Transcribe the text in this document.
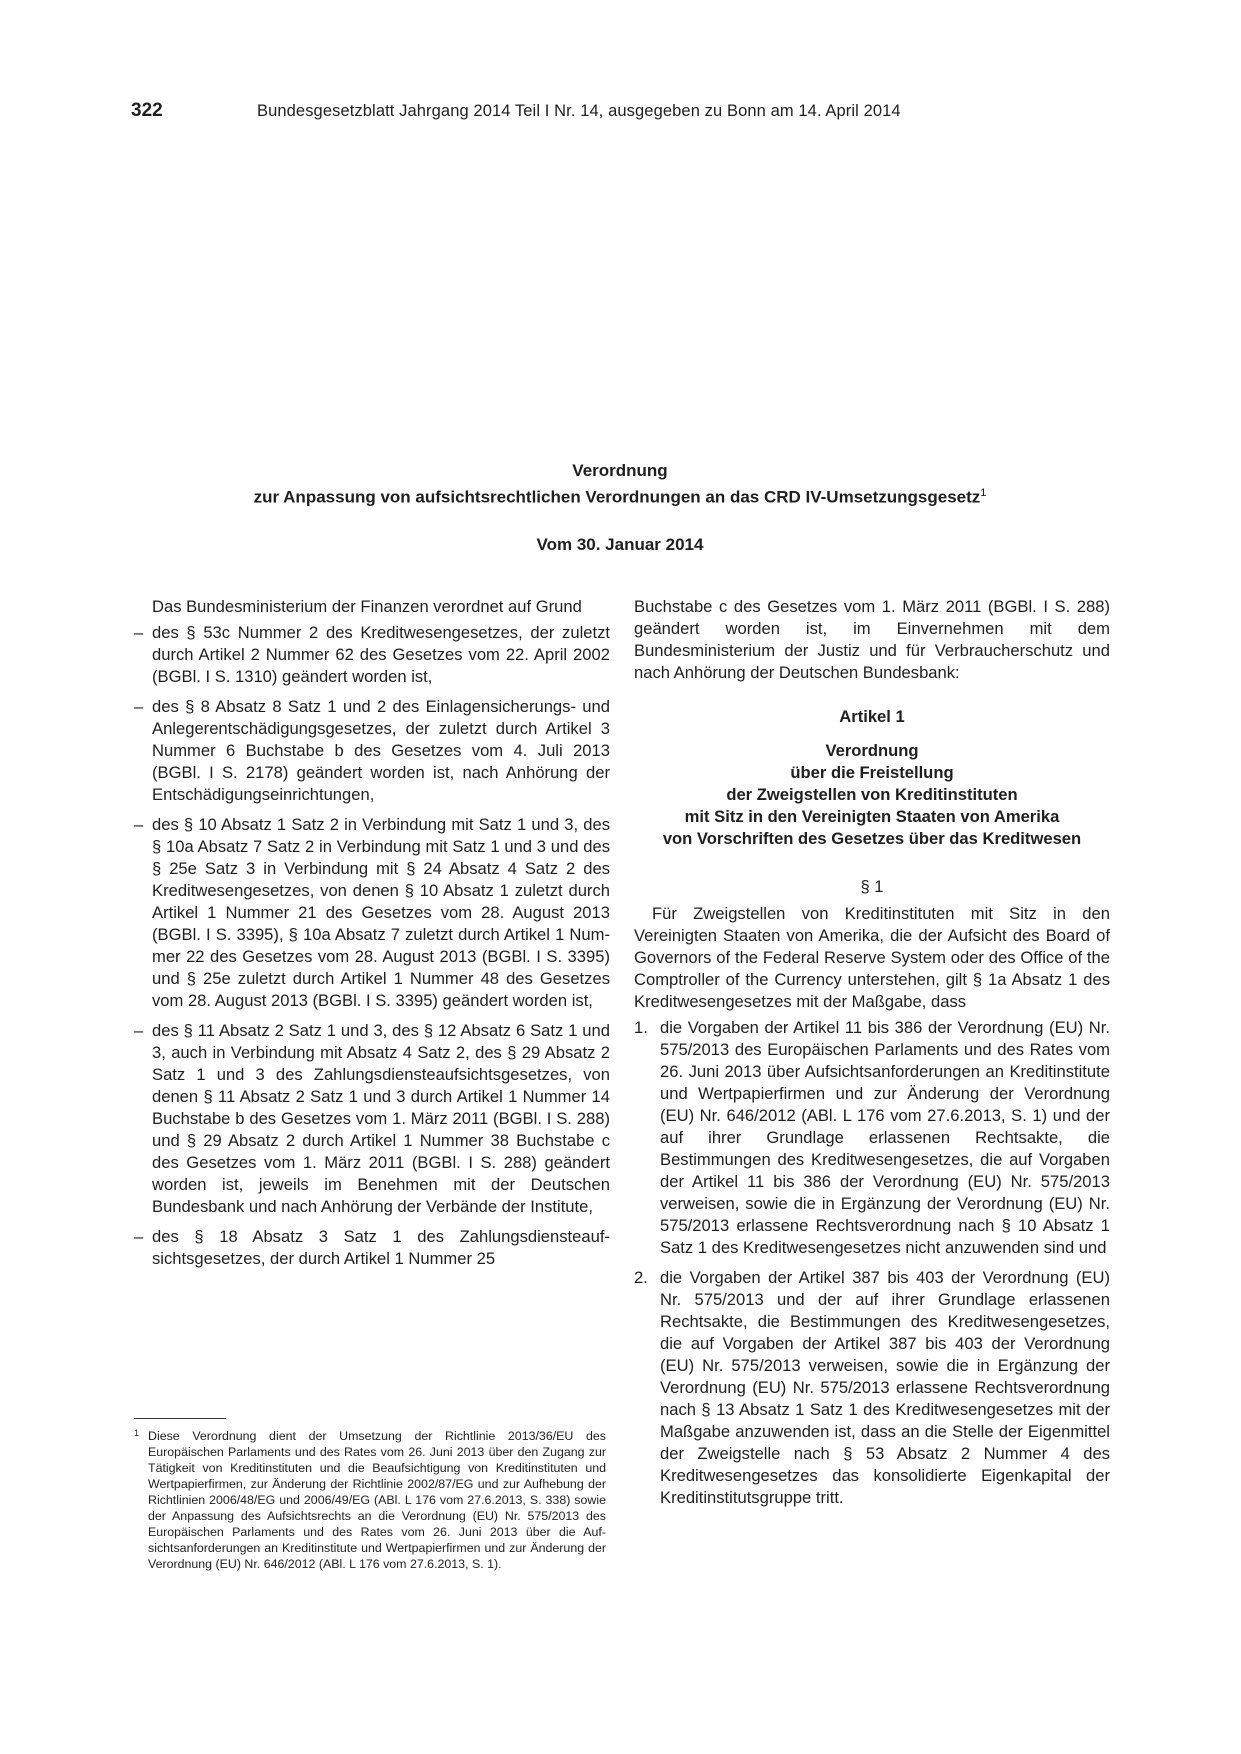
322	Bundesgesetzblatt Jahrgang 2014 Teil I Nr. 14, ausgegeben zu Bonn am 14. April 2014
Verordnung
zur Anpassung von aufsichtsrechtlichen Verordnungen an das CRD IV-Umsetzungsgesetz$^1$
Vom 30. Januar 2014

Das Bundesministerium der Finanzen verordnet auf Grund

– des § 53c Nummer 2 des Kreditwesengesetzes, der zuletzt durch Artikel 2 Nummer 62 des Gesetzes vom 22. April 2002 (BGBl. I S. 1310) geändert worden ist,
– des § 8 Absatz 8 Satz 1 und 2 des Einlagensicherungs- und Anlegerentschädigungsgesetzes, der zuletzt durch Artikel 3 Nummer 6 Buchstabe b des Gesetzes vom 4. Juli 2013 (BGBl. I S. 2178) geändert worden ist, nach Anhörung der Entschädigungseinrichtungen,
– des § 10 Absatz 1 Satz 2 in Verbindung mit Satz 1 und 3, des § 10a Absatz 7 Satz 2 in Verbindung mit Satz 1 und 3 und des § 25e Satz 3 in Verbindung mit § 24 Absatz 4 Satz 2 des Kreditwesengesetzes, von denen § 10 Absatz 1 zuletzt durch Artikel 1 Nummer 21 des Gesetzes vom 28. August 2013 (BGBl. I S. 3395), § 10a Absatz 7 zuletzt durch Artikel 1 Nummer 22 des Gesetzes vom 28. August 2013 (BGBl. I S. 3395) und § 25e zuletzt durch Artikel 1 Nummer 48 des Gesetzes vom 28. August 2013 (BGBl. I S. 3395) geändert worden ist,
– des § 11 Absatz 2 Satz 1 und 3, des § 12 Absatz 6 Satz 1 und 3, auch in Verbindung mit Absatz 4 Satz 2, des § 29 Absatz 2 Satz 1 und 3 des Zahlungsdiensteaufsichtsgesetzes, von denen § 11 Absatz 2 Satz 1 und 3 durch Artikel 1 Nummer 14 Buchstabe b des Gesetzes vom 1. März 2011 (BGBl. I S. 288) und § 29 Absatz 2 durch Artikel 1 Nummer 38 Buchstabe c des Gesetzes vom 1. März 2011 (BGBl. I S. 288) geändert worden ist, jeweils im Benehmen mit der Deutschen Bundesbank und nach Anhörung der Verbände der Institute,
– des § 18 Absatz 3 Satz 1 des Zahlungsdiensteaufsichtsgesetzes, der durch Artikel 1 Nummer 25

Buchstabe c des Gesetzes vom 1. März 2011 (BGBl. I S. 288) geändert worden ist, im Einvernehmen mit dem Bundesministerium der Justiz und für Verbraucherschutz und nach Anhörung der Deutschen Bundesbank:

Artikel 1
Verordnung
über die Freistellung
der Zweigstellen von Kreditinstituten
mit Sitz in den Vereinigten Staaten von Amerika
von Vorschriften des Gesetzes über das Kreditwesen
§ 1

Für Zweigstellen von Kreditinstituten mit Sitz in den Vereinigten Staaten von Amerika, die der Aufsicht des Board of Governors of the Federal Reserve System oder des Office of the Comptroller of the Currency unterstehen, gilt § 1a Absatz 1 des Kreditwesengesetzes mit der Maßgabe, dass

1. die Vorgaben der Artikel 11 bis 386 der Verordnung (EU) Nr. 575/2013 des Europäischen Parlaments und des Rates vom 26. Juni 2013 über Aufsichtsanforderungen an Kreditinstitute und Wertpapierfirmen und zur Änderung der Verordnung (EU) Nr. 646/2012 (ABl. L 176 vom 27.6.2013, S. 1) und der auf ihrer Grundlage erlassenen Rechtsakte, die Bestimmungen des Kreditwesengesetzes, die auf Vorgaben der Artikel 11 bis 386 der Verordnung (EU) Nr. 575/2013 verweisen, sowie die in Ergänzung der Verordnung (EU) Nr. 575/2013 erlassene Rechtsverordnung nach § 10 Absatz 1 Satz 1 des Kreditwesengesetzes nicht anzuwenden sind und
2. die Vorgaben der Artikel 387 bis 403 der Verordnung (EU) Nr. 575/2013 und der auf ihrer Grundlage erlassenen Rechtsakte, die Bestimmungen des Kreditwesengesetzes, die auf Vorgaben der Artikel 387 bis 403 der Verordnung (EU) Nr. 575/2013 verweisen, sowie die in Ergänzung der Verordnung (EU) Nr. 575/2013 erlassene Rechtsverordnung nach § 13 Absatz 1 Satz 1 des Kreditwesengesetzes mit der Maßgabe anzuwenden ist, dass an die Stelle der Eigenmittel der Zweigstelle nach § 53 Absatz 2 Nummer 4 des Kreditwesengesetzes das konsolidierte Eigenkapital der Kreditinstitutsgruppe tritt.
1 Diese Verordnung dient der Umsetzung der Richtlinie 2013/36/EU des Europäischen Parlaments und des Rates vom 26. Juni 2013 über den Zugang zur Tätigkeit von Kreditinstituten und die Beaufsichtigung von Kreditinstituten und Wertpapierfirmen, zur Änderung der Richtlinie 2002/87/EG und zur Aufhebung der Richtlinien 2006/48/EG und 2006/49/EG (ABl. L 176 vom 27.6.2013, S. 338) sowie der Anpassung des Aufsichtsrechts an die Verordnung (EU) Nr. 575/2013 des Europäischen Parlaments und des Rates vom 26. Juni 2013 über die Aufsichtsanforderungen an Kreditinstitute und Wertpapierfirmen und zur Änderung der Verordnung (EU) Nr. 646/2012 (ABl. L 176 vom 27.6.2013, S. 1).
